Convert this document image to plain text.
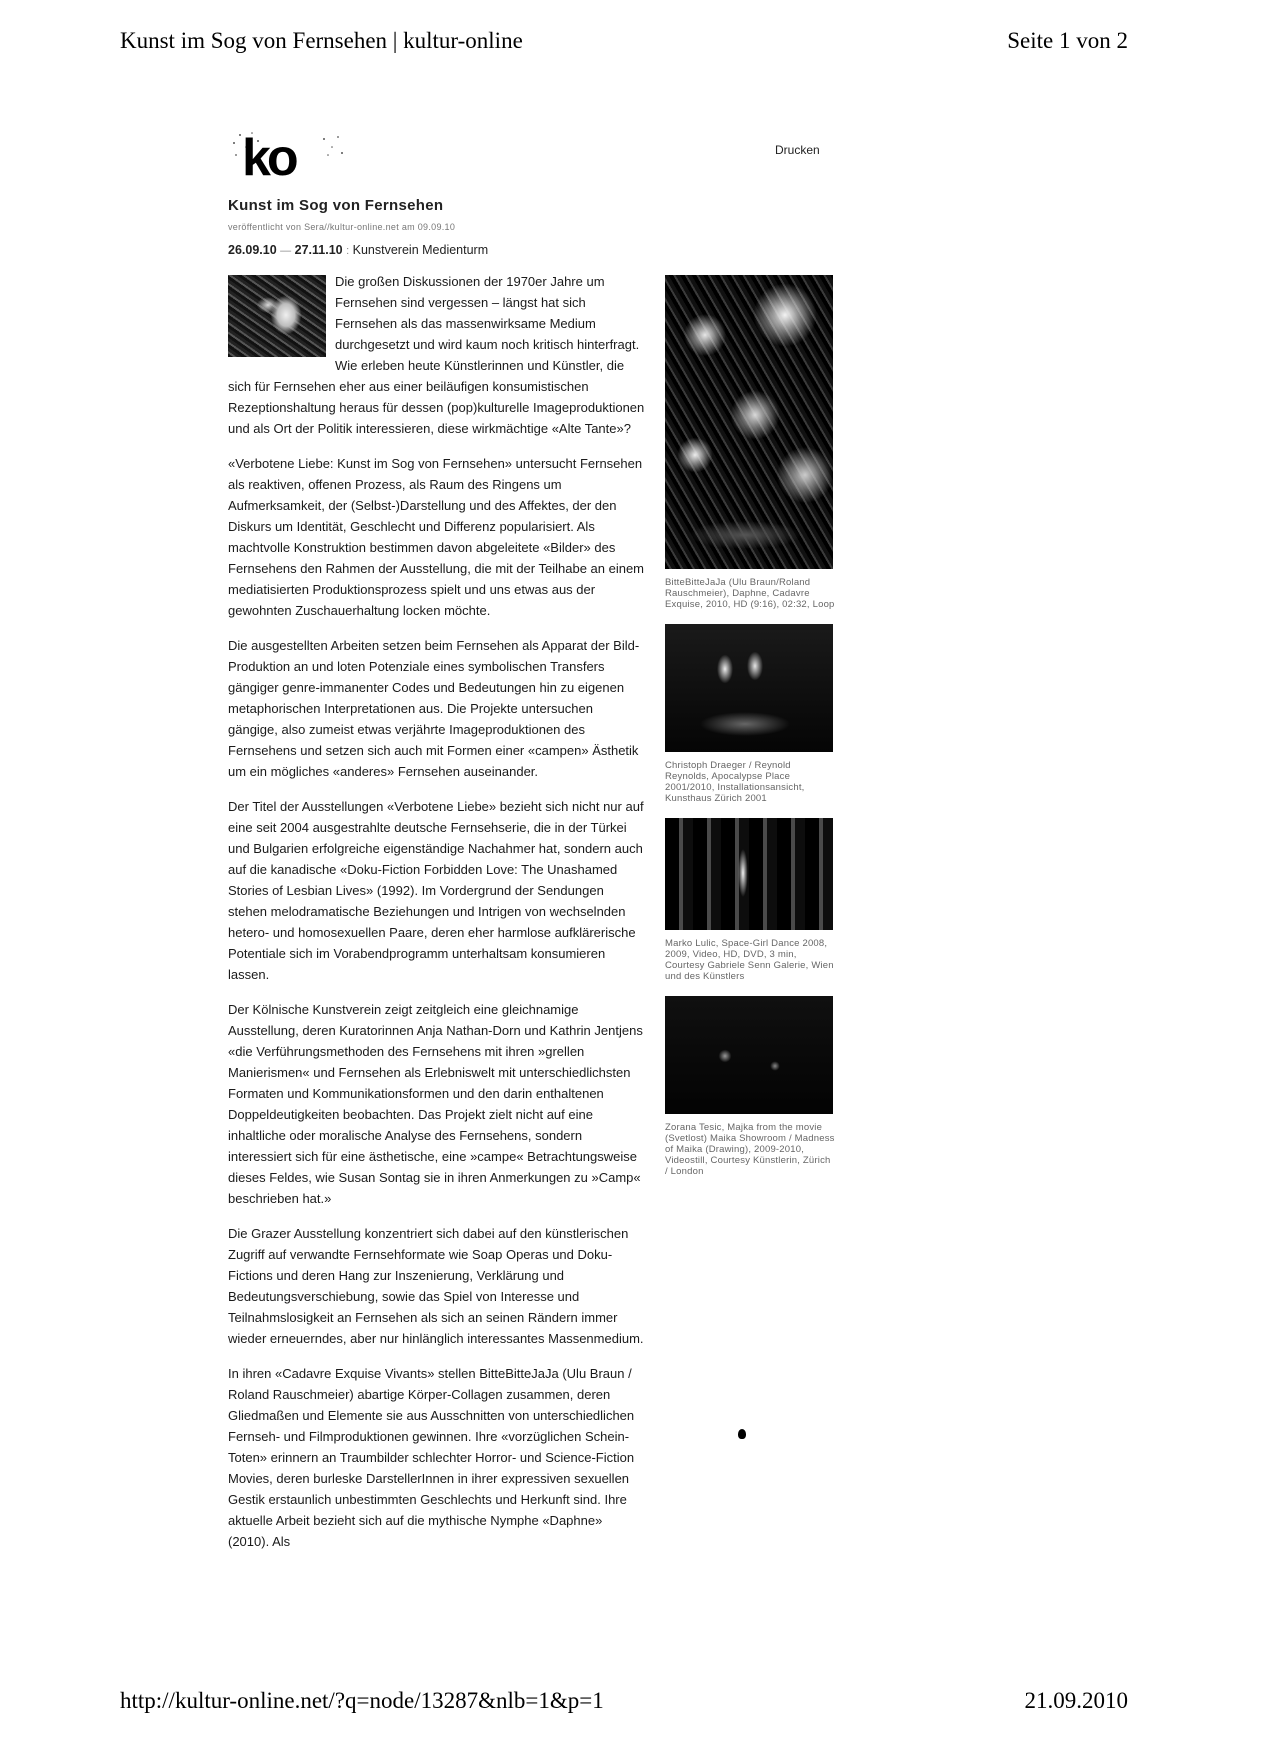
Kunst im Sog von Fernsehen | kultur-online	Seite 1 von 2
ko	Drucken
Kunst im Sog von Fernsehen
veröffentlicht von Sera//kultur-online.net am 09.09.10
26.09.10 — 27.11.10 : Kunstverein Medienturm

Die großen Diskussionen der 1970er Jahre um Fernsehen sind vergessen – längst hat sich Fernsehen als das massenwirksame Medium durchgesetzt und wird kaum noch kritisch hinterfragt. Wie erleben heute Künstlerinnen und Künstler, die sich für Fernsehen eher aus einer beiläufigen konsumistischen Rezeptionshaltung heraus für dessen (pop)kulturelle Imageproduktionen und als Ort der Politik interessieren, diese wirkmächtige «Alte Tante»?

«Verbotene Liebe: Kunst im Sog von Fernsehen» untersucht Fernsehen als reaktiven, offenen Prozess, als Raum des Ringens um Aufmerksamkeit, der (Selbst-)Darstellung und des Affektes, der den Diskurs um Identität, Geschlecht und Differenz popularisiert. Als machtvolle Konstruktion bestimmen davon abgeleitete «Bilder» des Fernsehens den Rahmen der Ausstellung, die mit der Teilhabe an einem mediatisierten Produktionsprozess spielt und uns etwas aus der gewohnten Zuschauerhaltung locken möchte.

Die ausgestellten Arbeiten setzen beim Fernsehen als Apparat der Bild-Produktion an und loten Potenziale eines symbolischen Transfers gängiger genre-immanenter Codes und Bedeutungen hin zu eigenen metaphorischen Interpretationen aus. Die Projekte untersuchen gängige, also zumeist etwas verjährte Imageproduktionen des Fernsehens und setzen sich auch mit Formen einer «campen» Ästhetik um ein mögliches «anderes» Fernsehen auseinander.

Der Titel der Ausstellungen «Verbotene Liebe» bezieht sich nicht nur auf eine seit 2004 ausgestrahlte deutsche Fernsehserie, die in der Türkei und Bulgarien erfolgreiche eigenständige Nachahmer hat, sondern auch auf die kanadische «Doku-Fiction Forbidden Love: The Unashamed Stories of Lesbian Lives» (1992). Im Vordergrund der Sendungen stehen melodramatische Beziehungen und Intrigen von wechselnden hetero- und homosexuellen Paare, deren eher harmlose aufklärerische Potentiale sich im Vorabendprogramm unterhaltsam konsumieren lassen.

Der Kölnische Kunstverein zeigt zeitgleich eine gleichnamige Ausstellung, deren Kuratorinnen Anja Nathan-Dorn und Kathrin Jentjens «die Verführungsmethoden des Fernsehens mit ihren »grellen Manierismen« und Fernsehen als Erlebniswelt mit unterschiedlichsten Formaten und Kommunikationsformen und den darin enthaltenen Doppeldeutigkeiten beobachten. Das Projekt zielt nicht auf eine inhaltliche oder moralische Analyse des Fernsehens, sondern interessiert sich für eine ästhetische, eine »campe« Betrachtungsweise dieses Feldes, wie Susan Sontag sie in ihren Anmerkungen zu »Camp« beschrieben hat.»

Die Grazer Ausstellung konzentriert sich dabei auf den künstlerischen Zugriff auf verwandte Fernsehformate wie Soap Operas und Doku-Fictions und deren Hang zur Inszenierung, Verklärung und Bedeutungsverschiebung, sowie das Spiel von Interesse und Teilnahmslosigkeit an Fernsehen als sich an seinen Rändern immer wieder erneuerndes, aber nur hinlänglich interessantes Massenmedium.

In ihren «Cadavre Exquise Vivants» stellen BitteBitteJaJa (Ulu Braun / Roland Rauschmeier) abartige Körper-Collagen zusammen, deren Gliedmaßen und Elemente sie aus Ausschnitten von unterschiedlichen Fernseh- und Filmproduktionen gewinnen. Ihre «vorzüglichen Schein-Toten» erinnern an Traumbilder schlechter Horror- und Science-Fiction Movies, deren burleske DarstellerInnen in ihrer expressiven sexuellen Gestik erstaunlich unbestimmten Geschlechts und Herkunft sind. Ihre aktuelle Arbeit bezieht sich auf die mythische Nymphe «Daphne» (2010). Als

BitteBitteJaJa (Ulu Braun/Roland Rauschmeier), Daphne, Cadavre Exquise, 2010, HD (9:16), 02:32, Loop
Christoph Draeger / Reynold Reynolds, Apocalypse Place 2001/2010, Installationsansicht, Kunsthaus Zürich 2001
Marko Lulic, Space-Girl Dance 2008, 2009, Video, HD, DVD, 3 min, Courtesy Gabriele Senn Galerie, Wien und des Künstlers
Zorana Tesic, Majka from the movie (Svetlost) Maika Showroom / Madness of Maika (Drawing), 2009-2010, Videostill, Courtesy Künstlerin, Zürich / London
http://kultur-online.net/?q=node/13287&nlb=1&p=1	21.09.2010
